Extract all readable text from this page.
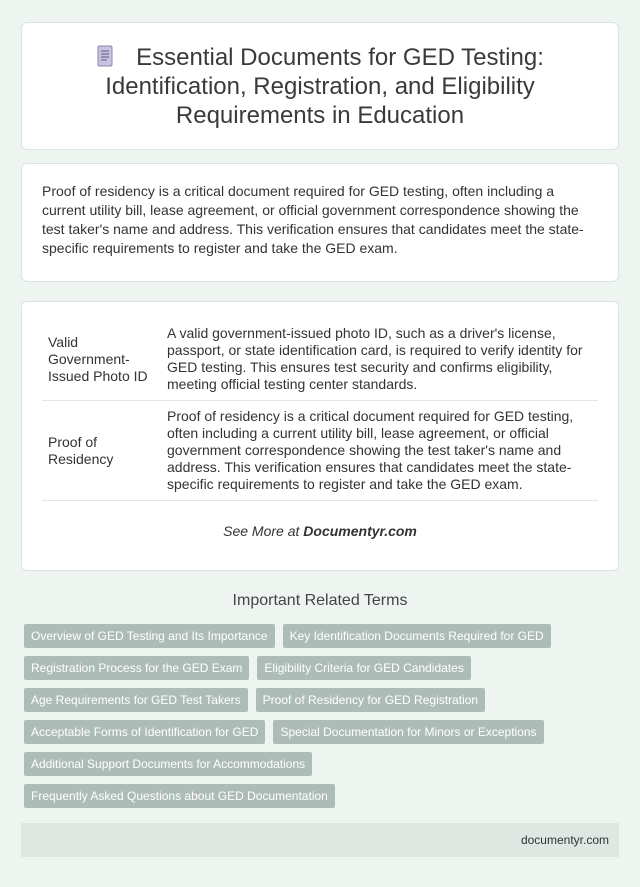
Essential Documents for GED Testing: Identification, Registration, and Eligibility Requirements in Education

Proof of residency is a critical document required for GED testing, often including a current utility bill, lease agreement, or official government correspondence showing the test taker's name and address. This verification ensures that candidates meet the state-specific requirements to register and take the GED exam.

Valid Government-Issued Photo ID	A valid government-issued photo ID, such as a driver's license, passport, or state identification card, is required to verify identity for GED testing. This ensures test security and confirms eligibility, meeting official testing center standards.
Proof of Residency	Proof of residency is a critical document required for GED testing, often including a current utility bill, lease agreement, or official government correspondence showing the test taker's name and address. This verification ensures that candidates meet the state-specific requirements to register and take the GED exam.
See More at Documentyr.com
Important Related Terms
Overview of GED Testing and Its Importance	Key Identification Documents Required for GED
Registration Process for the GED Exam	Eligibility Criteria for GED Candidates
Age Requirements for GED Test Takers	Proof of Residency for GED Registration
Acceptable Forms of Identification for GED	Special Documentation for Minors or Exceptions
Additional Support Documents for Accommodations
Frequently Asked Questions about GED Documentation
documentyr.com
